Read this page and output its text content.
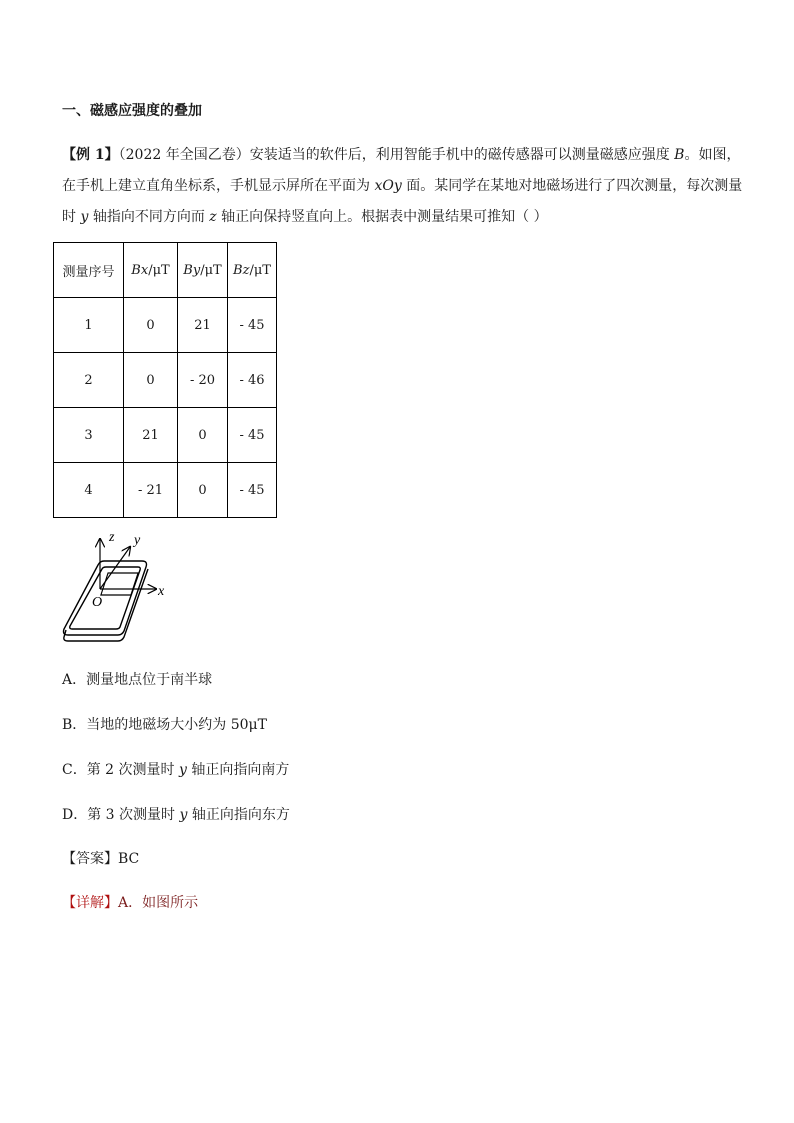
一、磁感应强度的叠加
【例 1】（2022 年全国乙卷）安装适当的软件后，利用智能手机中的磁传感器可以测量磁感应强度 B。如图，
在手机上建立直角坐标系，手机显示屏所在平面为 xOy 面。某同学在某地对地磁场进行了四次测量，每次测量
时 y 轴指向不同方向而 z 轴正向保持竖直向上。根据表中测量结果可推知（ ）
测量序号	Bx/μT	By/μT	Bz/μT
1	0	21	- 45
2	0	- 20	- 46
3	21	0	- 45
4	- 21	0	- 45
z y
x
O
A．测量地点位于南半球
B．当地的地磁场大小约为 50μT
C．第 2 次测量时 y 轴正向指向南方
D．第 3 次测量时 y 轴正向指向东方
【答案】BC
【详解】A．如图所示
